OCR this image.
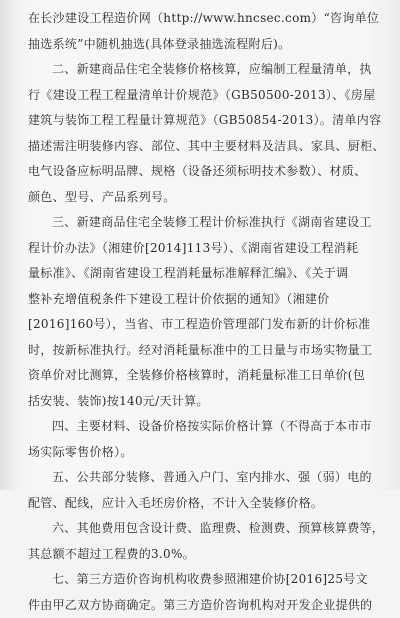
在长沙建设工程造价网（http://www.hncsec.com）“咨询单位
抽选系统”中随机抽选(具体登录抽选流程附后)。
二、新建商品住宅全装修价格核算，应编制工程量清单，执
行《建设工程工程量清单计价规范》（GB50500-2013）、《房屋
建筑与装饰工程工程量计算规范》（GB50854-2013）。清单内容
描述需注明装修内容、部位、其中主要材料及洁具、家具、厨柜、
电气设备应标明品牌、规格（设备还须标明技术参数）、材质、
颜色、型号、产品系列号。
三、新建商品住宅全装修工程计价标准执行《湖南省建设工
程计价办法》（湘建价[2014]113号）、《湖南省建设工程消耗
量标准》、《湖南省建设工程消耗量标准解释汇编》、《关于调
整补充增值税条件下建设工程计价依据的通知》（湘建价
[2016]160号），当省、市工程造价管理部门发布新的计价标准
时，按新标准执行。经对消耗量标准中的工日量与市场实物量工
资单价对比测算，全装修价格核算时，消耗量标准工日单价(包
括安装、装饰)按140元/天计算。
四、主要材料、设备价格按实际价格计算（不得高于本市市
场实际零售价格）。
五、公共部分装修、普通入户门、室内排水、强（弱）电的
配管、配线，应计入毛坯房价格，不计入全装修价格。
六、其他费用包含设计费、监理费、检测费、预算核算费等，
其总额不超过工程费的3.0%。
七、第三方造价咨询机构收费参照湘建价协[2016]25号文
件由甲乙双方协商确定。第三方造价咨询机构对开发企业提供的
